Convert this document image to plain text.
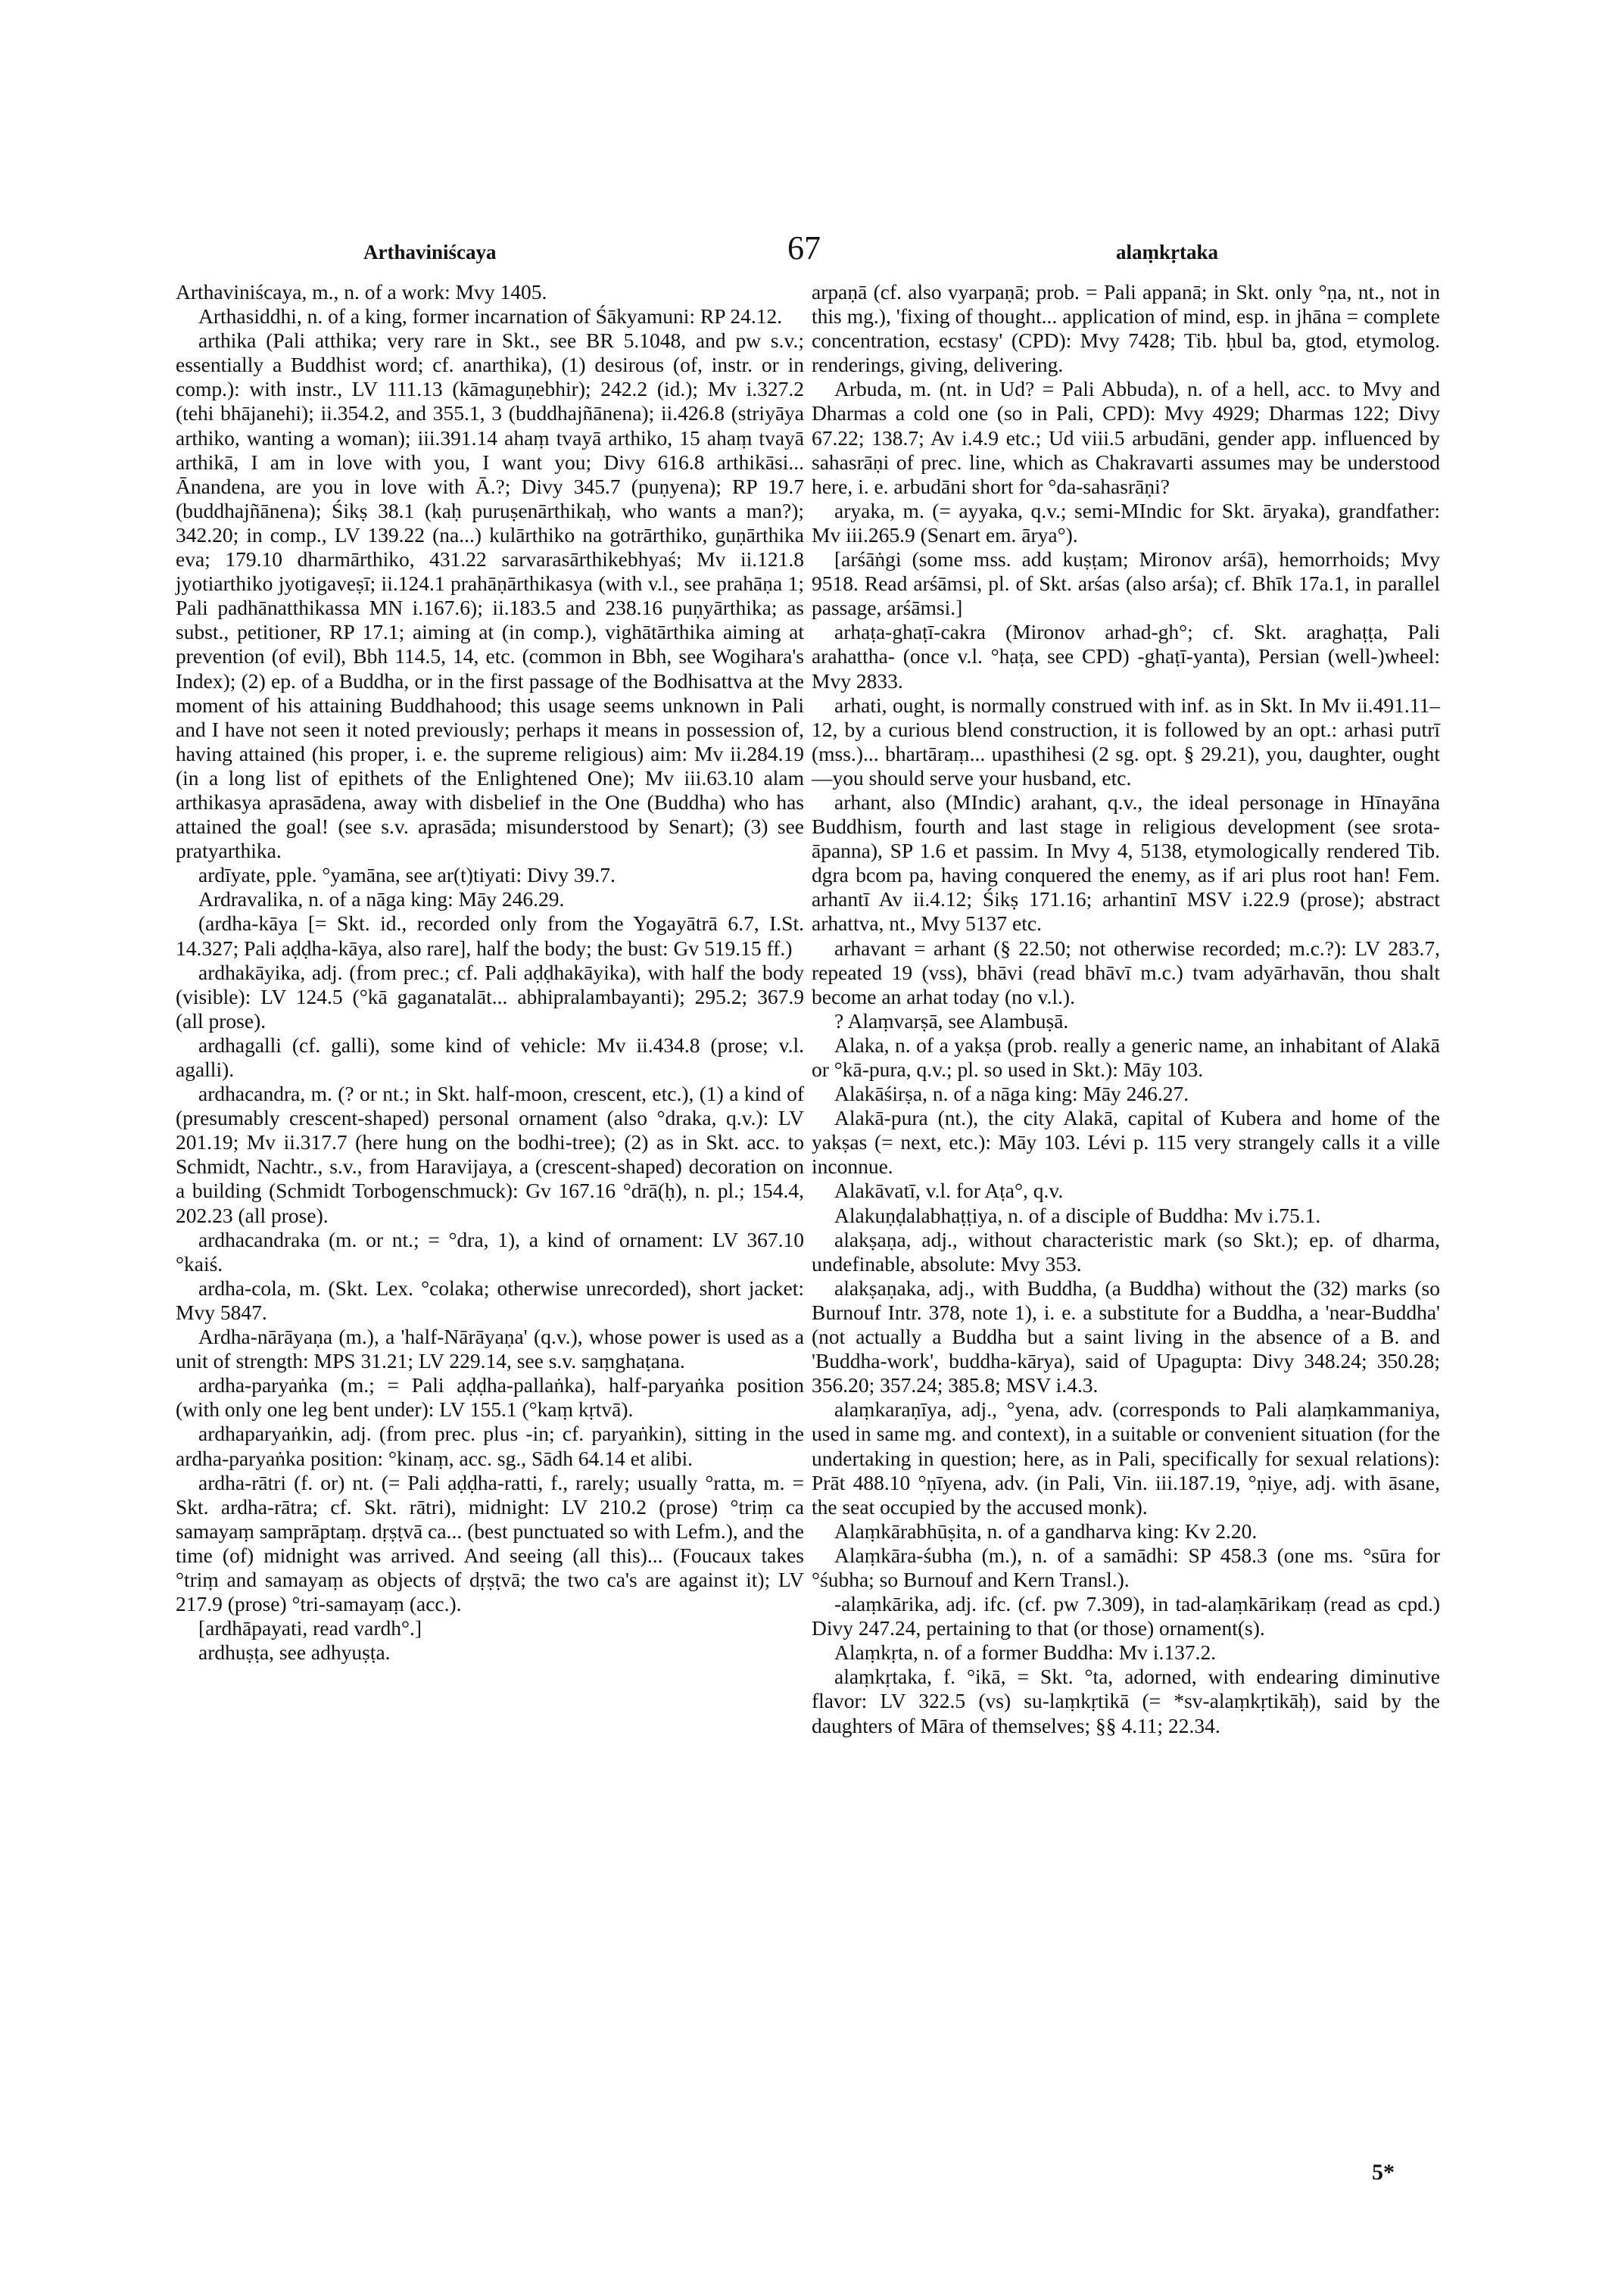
Arthaviniścaya	67	alaṃkṛtaka

Arthaviniścaya, m., n. of a work: Mvy 1405.

Arthasiddhi, n. of a king, former incarnation of Śākyamuni: RP 24.12.

arthika (Pali atthika; very rare in Skt., see BR 5.1048, and pw s.v.; essentially a Buddhist word; cf. anarthika), (1) desirous (of, instr. or in comp.): with instr., LV 111.13 (kāmaguṇebhir); 242.2 (id.); Mv i.327.2 (tehi bhājanehi); ii.354.2, and 355.1, 3 (buddhajñānena); ii.426.8 (striyāya arthiko, wanting a woman); iii.391.14 ahaṃ tvayā arthiko, 15 ahaṃ tvayā arthikā, I am in love with you, I want you; Divy 616.8 arthikāsi... Ānandena, are you in love with Ā.?; Divy 345.7 (puṇyena); RP 19.7 (buddhajñānena); Śikṣ 38.1 (kaḥ puruṣenārthikaḥ, who wants a man?); 342.20; in comp., LV 139.22 (na...) kulārthiko na gotrārthiko, guṇārthika eva; 179.10 dharmārthiko, 431.22 sarvarasārthikebhyaś; Mv ii.121.8 jyotiarthiko jyotigaveṣī; ii.124.1 prahāṇārthikasya (with v.l., see prahāṇa 1; Pali padhānatthikassa MN i.167.6); ii.183.5 and 238.16 puṇyārthika; as subst., petitioner, RP 17.1; aiming at (in comp.), vighātārthika aiming at prevention (of evil), Bbh 114.5, 14, etc. (common in Bbh, see Wogihara's Index); (2) ep. of a Buddha, or in the first passage of the Bodhisattva at the moment of his attaining Buddhahood; this usage seems unknown in Pali and I have not seen it noted previously; perhaps it means in possession of, having attained (his proper, i. e. the supreme religious) aim: Mv ii.284.19 (in a long list of epithets of the Enlightened One); Mv iii.63.10 alam arthikasya aprasādena, away with disbelief in the One (Buddha) who has attained the goal! (see s.v. aprasāda; misunderstood by Senart); (3) see pratyarthika.

ardīyate, pple. °yamāna, see ar(t)tiyati: Divy 39.7.

Ardravalika, n. of a nāga king: Māy 246.29.

(ardha-kāya [= Skt. id., recorded only from the Yogayātrā 6.7, I.St. 14.327; Pali aḍḍha-kāya, also rare], half the body; the bust: Gv 519.15 ff.)

ardhakāyika, adj. (from prec.; cf. Pali aḍḍhakāyika), with half the body (visible): LV 124.5 (°kā gaganatalāt... abhipralambayanti); 295.2; 367.9 (all prose).

ardhagalli (cf. galli), some kind of vehicle: Mv ii.434.8 (prose; v.l. agalli).

ardhacandra, m. (? or nt.; in Skt. half-moon, crescent, etc.), (1) a kind of (presumably crescent-shaped) personal ornament (also °draka, q.v.): LV 201.19; Mv ii.317.7 (here hung on the bodhi-tree); (2) as in Skt. acc. to Schmidt, Nachtr., s.v., from Haravijaya, a (crescent-shaped) decoration on a building (Schmidt Torbogenschmuck): Gv 167.16 °drā(ḥ), n. pl.; 154.4, 202.23 (all prose).

ardhacandraka (m. or nt.; = °dra, 1), a kind of ornament: LV 367.10 °kaiś.

ardha-cola, m. (Skt. Lex. °colaka; otherwise unrecorded), short jacket: Mvy 5847.

Ardha-nārāyaṇa (m.), a 'half-Nārāyaṇa' (q.v.), whose power is used as a unit of strength: MPS 31.21; LV 229.14, see s.v. saṃghaṭana.

ardha-paryaṅka (m.; = Pali aḍḍha-pallaṅka), half-paryaṅka position (with only one leg bent under): LV 155.1 (°kaṃ kṛtvā).

ardhaparyaṅkin, adj. (from prec. plus -in; cf. paryaṅkin), sitting in the ardha-paryaṅka position: °kinaṃ, acc. sg., Sādh 64.14 et alibi.

ardha-rātri (f. or) nt. (= Pali aḍḍha-ratti, f., rarely; usually °ratta, m. = Skt. ardha-rātra; cf. Skt. rātri), midnight: LV 210.2 (prose) °triṃ ca samayaṃ samprāptaṃ. dṛṣṭvā ca... (best punctuated so with Lefm.), and the time (of) midnight was arrived. And seeing (all this)... (Foucaux takes °triṃ and samayaṃ as objects of dṛṣṭvā; the two ca's are against it); LV 217.9 (prose) °tri-samayaṃ (acc.).

[ardhāpayati, read vardh°.]

ardhuṣṭa, see adhyuṣṭa.

arpaṇā (cf. also vyarpaṇā; prob. = Pali appanā; in Skt. only °ṇa, nt., not in this mg.), 'fixing of thought... application of mind, esp. in jhāna = complete concentration, ecstasy' (CPD): Mvy 7428; Tib. ḥbul ba, gtod, etymolog. renderings, giving, delivering.

Arbuda, m. (nt. in Ud? = Pali Abbuda), n. of a hell, acc. to Mvy and Dharmas a cold one (so in Pali, CPD): Mvy 4929; Dharmas 122; Divy 67.22; 138.7; Av i.4.9 etc.; Ud viii.5 arbudāni, gender app. influenced by sahasrāṇi of prec. line, which as Chakravarti assumes may be understood here, i. e. arbudāni short for °da-sahasrāṇi?

aryaka, m. (= ayyaka, q.v.; semi-MIndic for Skt. āryaka), grandfather: Mv iii.265.9 (Senart em. ārya°).

[arśāṅgi (some mss. add kuṣṭam; Mironov arśā), hemorrhoids; Mvy 9518. Read arśāmsi, pl. of Skt. arśas (also arśa); cf. Bhīk 17a.1, in parallel passage, arśāmsi.]

arhaṭa-ghaṭī-cakra (Mironov arhad-gh°; cf. Skt. araghaṭṭa, Pali arahattha- (once v.l. °haṭa, see CPD) -ghaṭī-yanta), Persian (well-)wheel: Mvy 2833.

arhati, ought, is normally construed with inf. as in Skt. In Mv ii.491.11–12, by a curious blend construction, it is followed by an opt.: arhasi putrī (mss.)... bhartāraṃ... upasthihesi (2 sg. opt. § 29.21), you, daughter, ought—you should serve your husband, etc.

arhant, also (MIndic) arahant, q.v., the ideal personage in Hīnayāna Buddhism, fourth and last stage in religious development (see srota-āpanna), SP 1.6 et passim. In Mvy 4, 5138, etymologically rendered Tib. dgra bcom pa, having conquered the enemy, as if ari plus root han! Fem. arhantī Av ii.4.12; Śikṣ 171.16; arhantinī MSV i.22.9 (prose); abstract arhattva, nt., Mvy 5137 etc.

arhavant = arhant (§ 22.50; not otherwise recorded; m.c.?): LV 283.7, repeated 19 (vss), bhāvi (read bhāvī m.c.) tvam adyārhavān, thou shalt become an arhat today (no v.l.).

? Alaṃvarṣā, see Alambuṣā.

Alaka, n. of a yakṣa (prob. really a generic name, an inhabitant of Alakā or °kā-pura, q.v.; pl. so used in Skt.): Māy 103.

Alakāśirṣa, n. of a nāga king: Māy 246.27.

Alakā-pura (nt.), the city Alakā, capital of Kubera and home of the yakṣas (= next, etc.): Māy 103. Lévi p. 115 very strangely calls it a ville inconnue.

Alakāvatī, v.l. for Aṭa°, q.v.

Alakuṇḍalabhaṭṭiya, n. of a disciple of Buddha: Mv i.75.1.

alakṣaṇa, adj., without characteristic mark (so Skt.); ep. of dharma, undefinable, absolute: Mvy 353.

alakṣaṇaka, adj., with Buddha, (a Buddha) without the (32) marks (so Burnouf Intr. 378, note 1), i. e. a substitute for a Buddha, a 'near-Buddha' (not actually a Buddha but a saint living in the absence of a B. and 'Buddha-work', buddha-kārya), said of Upagupta: Divy 348.24; 350.28; 356.20; 357.24; 385.8; MSV i.4.3.

alaṃkaraṇīya, adj., °yena, adv. (corresponds to Pali alaṃkammaniya, used in same mg. and context), in a suitable or convenient situation (for the undertaking in question; here, as in Pali, specifically for sexual relations): Prāt 488.10 °ṇīyena, adv. (in Pali, Vin. iii.187.19, °ṇiye, adj. with āsane, the seat occupied by the accused monk).

Alaṃkārabhūṣita, n. of a gandharva king: Kv 2.20.

Alaṃkāra-śubha (m.), n. of a samādhi: SP 458.3 (one ms. °sūra for °śubha; so Burnouf and Kern Transl.).

-alaṃkārika, adj. ifc. (cf. pw 7.309), in tad-alaṃkārikaṃ (read as cpd.) Divy 247.24, pertaining to that (or those) ornament(s).

Alaṃkṛta, n. of a former Buddha: Mv i.137.2.

alaṃkṛtaka, f. °ikā, = Skt. °ta, adorned, with endearing diminutive flavor: LV 322.5 (vs) su-laṃkṛtikā (= *sv-alaṃkṛtikāḥ), said by the daughters of Māra of themselves; §§ 4.11; 22.34.

5*
